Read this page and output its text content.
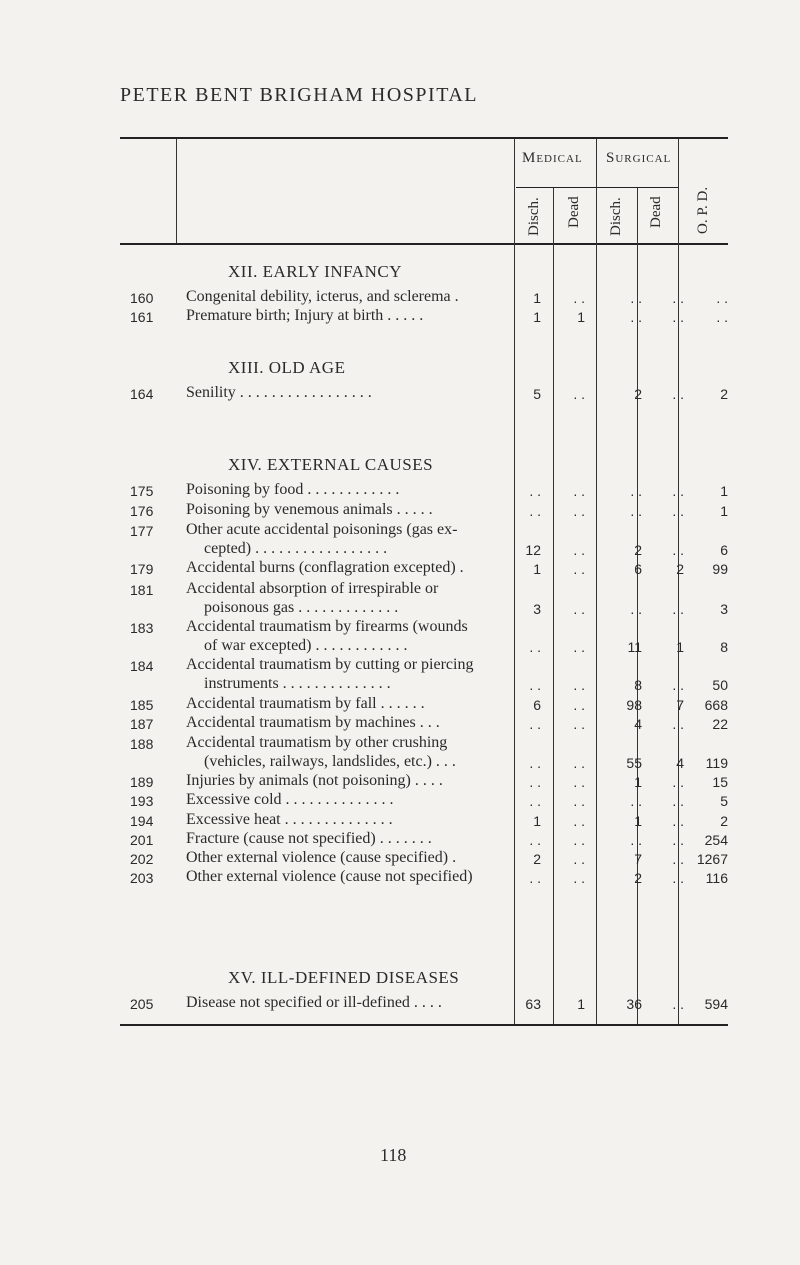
PETER BENT BRIGHAM HOSPITAL
Medical Surgical
Disch. Dead Disch. Dead O. P. D.
XII. EARLY INFANCY
XIII. OLD AGE
XIV. EXTERNAL CAUSES
XV. ILL-DEFINED DISEASES
160	Congenital debility, icterus, and sclerema .	1	. .	. .	. .	. .
161	Premature birth; Injury at birth . . . . .	1	1	. .	. .	. .
164	Senility . . . . . . . . . . . . . . . . .	5	. .	2	. .	2
175	Poisoning by food . . . . . . . . . . . .	. .	. .	. .	. .	1
176	Poisoning by venemous animals . . . . .	. .	. .	. .	. .	1
177	Other acute accidental poisonings (gas ex-
cepted) . . . . . . . . . . . . . . . . .	12	. .	2	. .	6
179	Accidental burns (conflagration excepted) .	1	. .	6	2	99
181	Accidental absorption of irrespirable or
poisonous gas . . . . . . . . . . . . .	3	. .	. .	. .	3
183	Accidental traumatism by firearms (wounds
of war excepted) . . . . . . . . . . . .	. .	. .	11	1	8
184	Accidental traumatism by cutting or piercing
instruments . . . . . . . . . . . . . .	. .	. .	8	. .	50
185	Accidental traumatism by fall . . . . . .	6	. .	98	7	668
187	Accidental traumatism by machines . . .	. .	. .	4	. .	22
188	Accidental traumatism by other crushing
(vehicles, railways, landslides, etc.) . . .	. .	. .	55	4	119
189	Injuries by animals (not poisoning) . . . .	. .	. .	1	. .	15
193	Excessive cold . . . . . . . . . . . . . .	. .	. .	. .	. .	5
194	Excessive heat . . . . . . . . . . . . . .	1	. .	1	. .	2
201	Fracture (cause not specified) . . . . . . .	. .	. .	. .	. .	254
202	Other external violence (cause specified) .	2	. .	7	. . 1267
203	Other external violence (cause not specified)	. .	. .	2	. .	116
205	Disease not specified or ill-defined . . . .	63	1	36	. .	594
118
